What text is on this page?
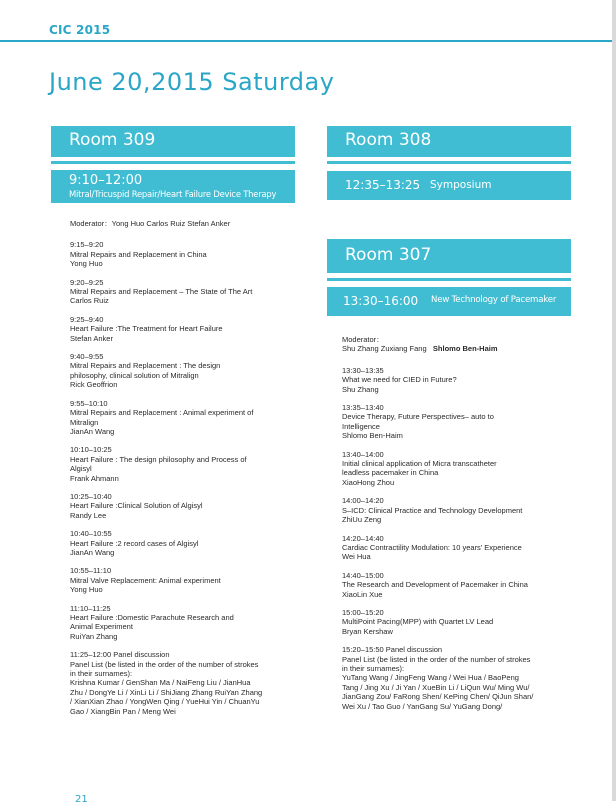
CIC 2015
June 20,2015 Saturday
Room 309
9:10–12:00
Mitral/Tricuspid Repair/Heart Failure Device Therapy
Moderator：Yong Huo Carlos Ruiz Stefan Anker
9:15–9:20
Mitral Repairs and Replacement in China
Yong Huo
9:20–9:25
Mitral Repairs and Replacement – The State of The Art
Carlos Ruiz
9:25–9:40
Heart Failure :The Treatment for Heart Failure
Stefan Anker
9:40–9:55
Mitral Repairs and Replacement : The design
philosophy, clinical solution of Mitralign
Rick Geoffrion
9:55–10:10
Mitral Repairs and Replacement : Animal experiment of
Mitralign
JianAn Wang
10:10–10:25
Heart Failure : The design philosophy and Process of
Algisyl
Frank Ahmann
10:25–10:40
Heart Failure :Clinical Solution of Algisyl
Randy Lee
10:40–10:55
Heart Failure :2 record cases of Algisyl
JianAn Wang
10:55–11:10
Mitral Valve Replacement: Animal experiment
Yong Huo
11:10–11:25
Heart Failure :Domestic Parachute Research and
Animal Experiment
RuiYan Zhang
11:25–12:00 Panel discussion
Panel List (be listed in the order of the number of strokes
in their surnames):
Krishna Kumar / GenShan Ma / NaiFeng Liu / JianHua
Zhu / DongYe Li / XinLi Li / ShiJiang Zhang RuiYan Zhang
/ XianXian Zhao / YongWen Qing / YueHui Yin / ChuanYu
Gao / XiangBin Pan / Meng Wei
Room 308
12:35–13:25 Symposium
Room 307
13:30–16:00 New Technology of Pacemaker
Moderator：
Shu Zhang Zuxiang Fang Shlomo Ben-Haim
13:30–13:35
What we need for CIED in Future?
Shu Zhang
13:35–13:40
Device Therapy, Future Perspectives– auto to
Intelligence
Shlomo Ben-Haim
13:40–14:00
Initial clinical application of Micra transcatheter
leadless pacemaker in China
XiaoHong Zhou
14:00–14:20
S–ICD: Clinical Practice and Technology Development
ZhiUu Zeng
14:20–14:40
Cardiac Contractility Modulation: 10 years’ Experience
Wei Hua
14:40–15:00
The Research and Development of Pacemaker in China
XiaoLin Xue
15:00–15:20
MultiPoint Pacing(MPP) with Quartet LV Lead
Bryan Kershaw
15:20–15:50 Panel discussion
Panel List (be listed in the order of the number of strokes
in their surnames):
YuTang Wang / JingFeng Wang / Wei Hua / BaoPeng
Tang / Jing Xu / Ji Yan / XueBin Li / LiQun Wu/ Ming Wu/
JianGang Zou/ FaRong Shen/ KePing Chen/ QiJun Shan/
Wei Xu / Tao Guo / YanGang Su/ YuGang Dong/
21
